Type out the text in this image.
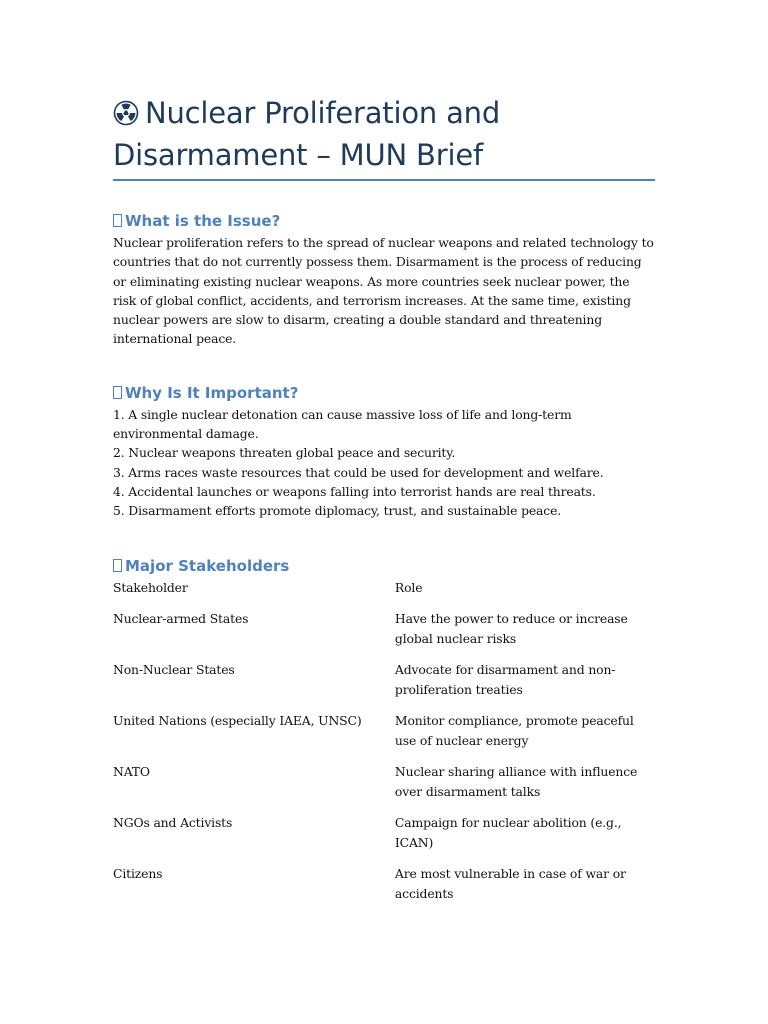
Nuclear Proliferation and
Disarmament – MUN Brief
What is the Issue?

Nuclear proliferation refers to the spread of nuclear weapons and related technology to countries that do not currently possess them. Disarmament is the process of reducing or eliminating existing nuclear weapons. As more countries seek nuclear power, the risk of global conflict, accidents, and terrorism increases. At the same time, existing nuclear powers are slow to disarm, creating a double standard and threatening international peace.

Why Is It Important?
1. A single nuclear detonation can cause massive loss of life and long-term environmental damage.
2. Nuclear weapons threaten global peace and security.
3. Arms races waste resources that could be used for development and welfare.
4. Accidental launches or weapons falling into terrorist hands are real threats.
5. Disarmament efforts promote diplomacy, trust, and sustainable peace.
Major Stakeholders
Stakeholder	Role
Nuclear-armed States	Have the power to reduce or increase global nuclear risks
Non-Nuclear States	Advocate for disarmament and non-proliferation treaties
United Nations (especially IAEA, UNSC)	Monitor compliance, promote peaceful use of nuclear energy
NATO	Nuclear sharing alliance with influence over disarmament talks
NGOs and Activists	Campaign for nuclear abolition (e.g., ICAN)
Citizens	Are most vulnerable in case of war or accidents
